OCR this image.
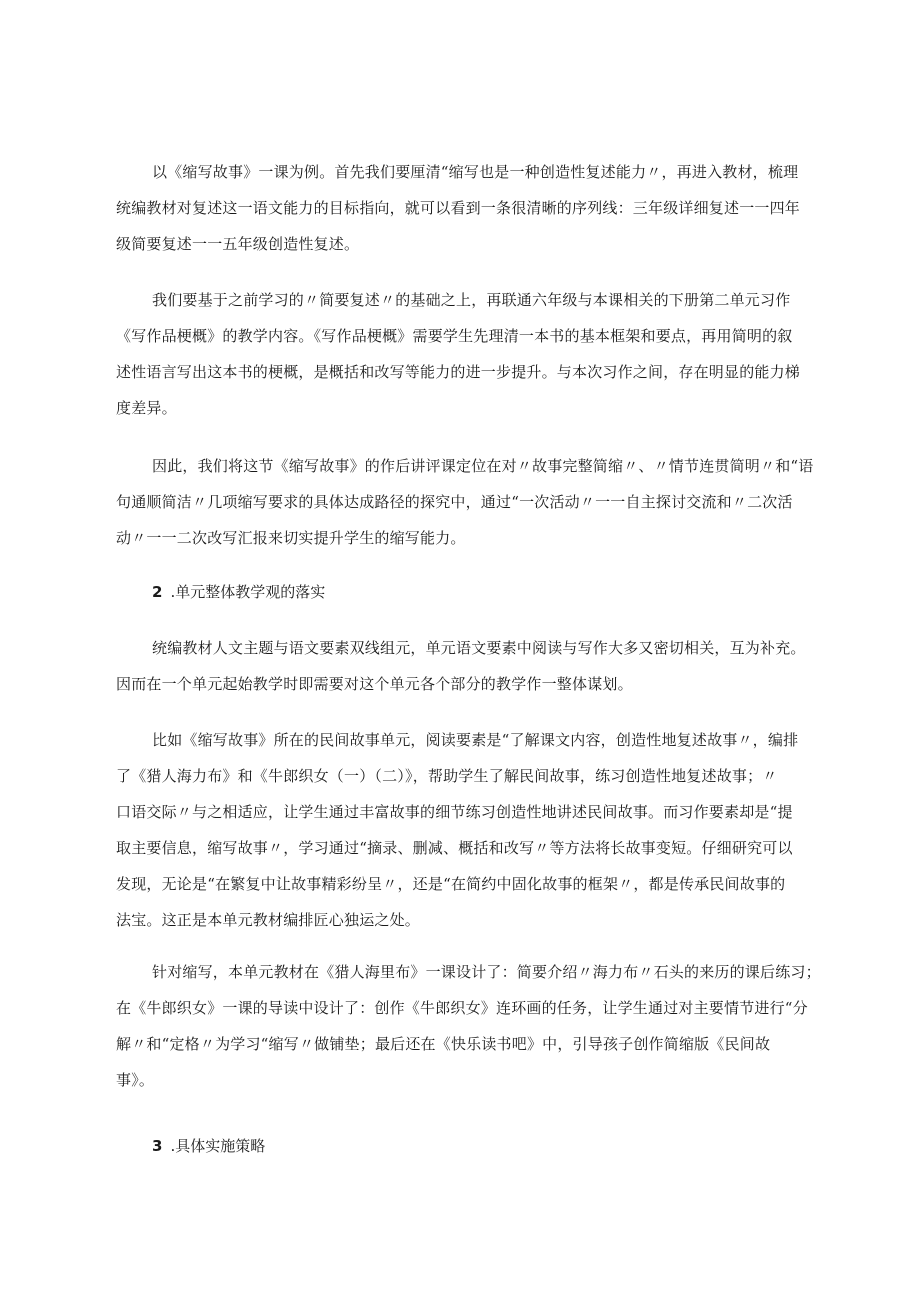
以《缩写故事》一课为例。首先我们要厘清“缩写也是一种创造性复述能力〃，再进入教材，梳理
统编教材对复述这一语文能力的目标指向，就可以看到一条很清晰的序列线：三年级详细复述一一四年
级简要复述一一五年级创造性复述。
我们要基于之前学习的〃简要复述〃的基础之上，再联通六年级与本课相关的下册第二单元习作
《写作品梗概》的教学内容。《写作品梗概》需要学生先理清一本书的基本框架和要点，再用简明的叙
述性语言写出这本书的梗概，是概括和改写等能力的进一步提升。与本次习作之间，存在明显的能力梯
度差异。
因此，我们将这节《缩写故事》的作后讲评课定位在对〃故事完整简缩〃、〃情节连贯简明〃和“语
句通顺简洁〃几项缩写要求的具体达成路径的探究中，通过“一次活动〃一一自主探讨交流和〃二次活
动〃一一二次改写汇报来切实提升学生的缩写能力。
2 .单元整体教学观的落实
统编教材人文主题与语文要素双线组元，单元语文要素中阅读与写作大多又密切相关，互为补充。
因而在一个单元起始教学时即需要对这个单元各个部分的教学作一整体谋划。
比如《缩写故事》所在的民间故事单元，阅读要素是“了解课文内容，创造性地复述故事〃，编排
了《猎人海力布》和《牛郎织女（一）（二）》，帮助学生了解民间故事，练习创造性地复述故事；〃
口语交际〃与之相适应，让学生通过丰富故事的细节练习创造性地讲述民间故事。而习作要素却是“提
取主要信息，缩写故事〃，学习通过“摘录、删减、概括和改写〃等方法将长故事变短。仔细研究可以
发现，无论是“在繁复中让故事精彩纷呈〃，还是“在简约中固化故事的框架〃，都是传承民间故事的
法宝。这正是本单元教材编排匠心独运之处。
针对缩写，本单元教材在《猎人海里布》一课设计了：简要介绍〃海力布〃石头的来历的课后练习；
在《牛郎织女》一课的导读中设计了：创作《牛郎织女》连环画的任务，让学生通过对主要情节进行“分
解〃和“定格〃为学习“缩写〃做铺垫；最后还在《快乐读书吧》中，引导孩子创作简缩版《民间故
事》。
3 .具体实施策略
